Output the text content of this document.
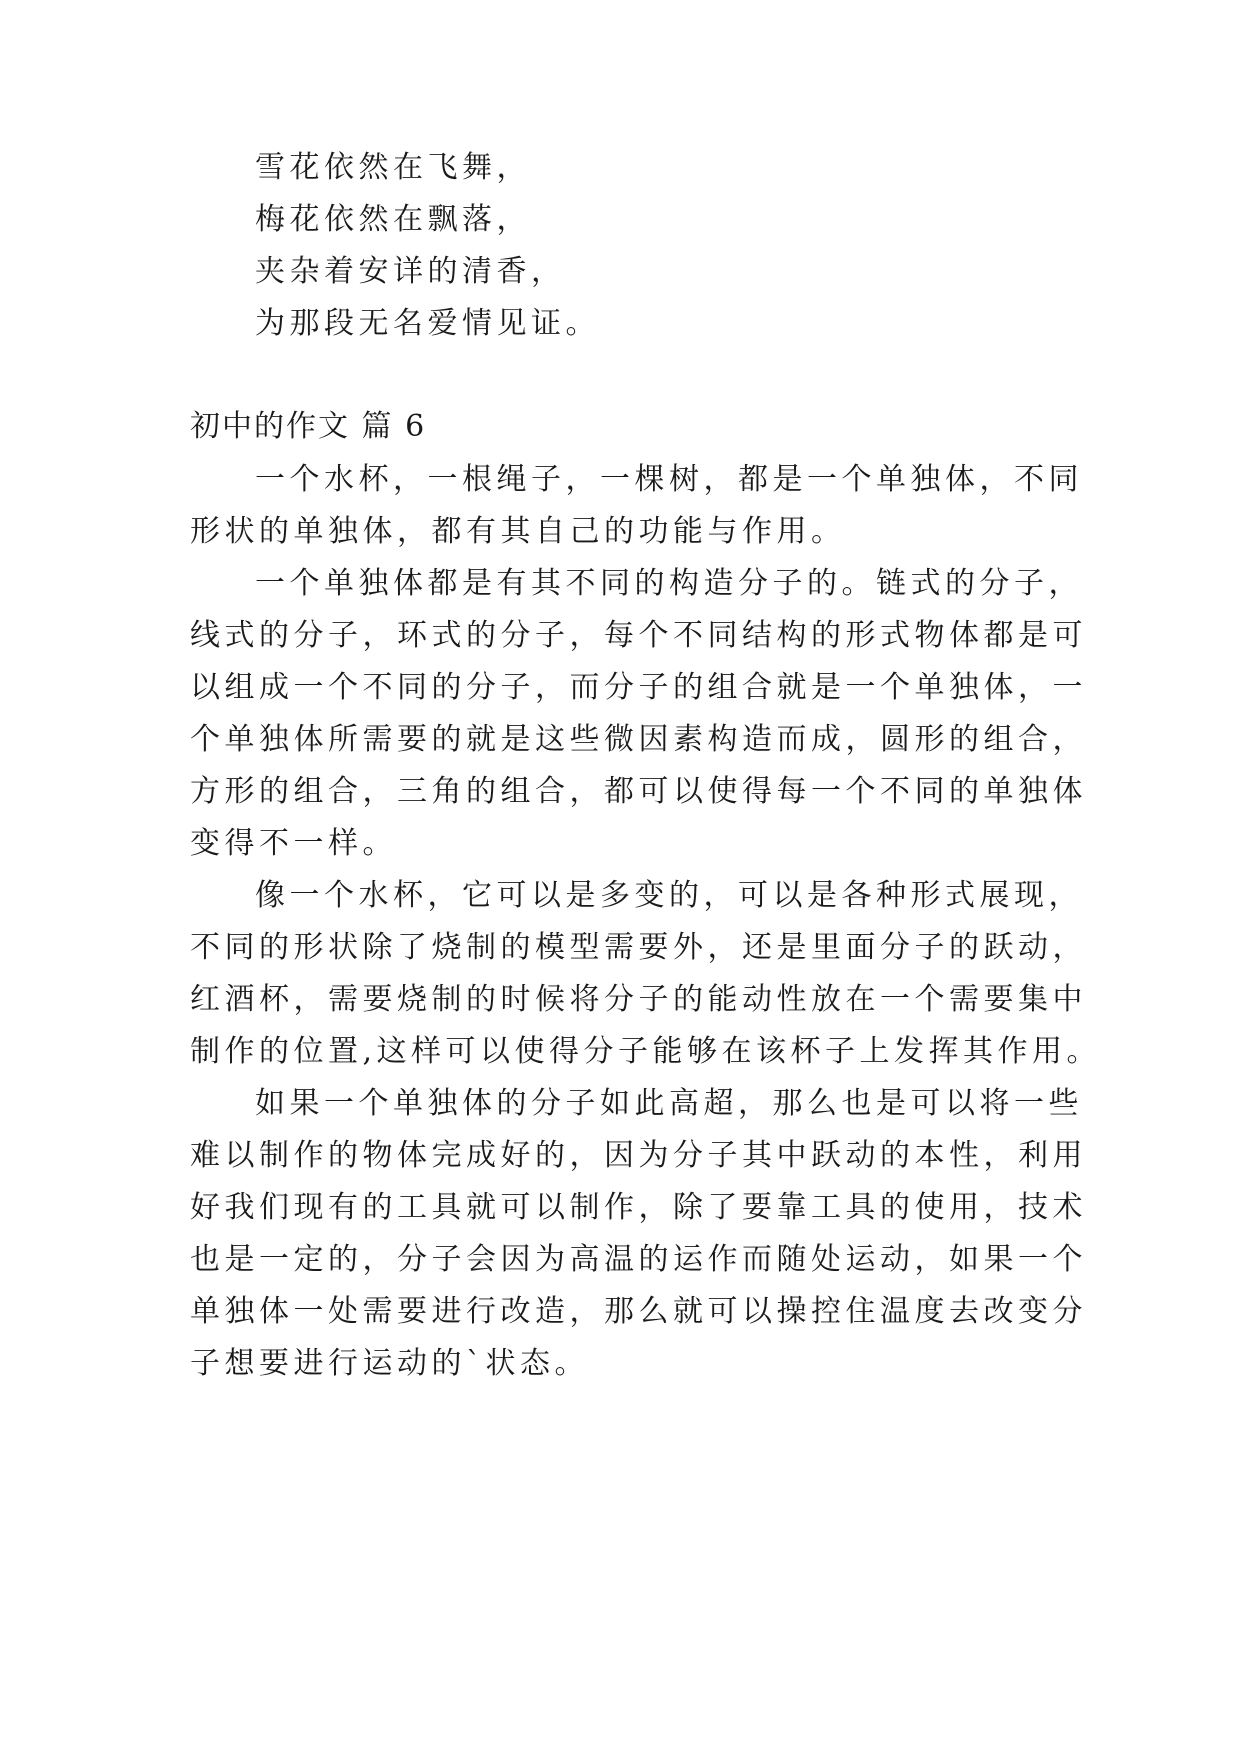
雪花依然在飞舞，
梅花依然在飘落，
夹杂着安详的清香，
为那段无名爱情见证。
初中的作文 篇 6
一个水杯，一根绳子，一棵树，都是一个单独体，不同
形状的单独体，都有其自己的功能与作用。
一个单独体都是有其不同的构造分子的。链式的分子，
线式的分子，环式的分子，每个不同结构的形式物体都是可
以组成一个不同的分子，而分子的组合就是一个单独体，一
个单独体所需要的就是这些微因素构造而成，圆形的组合，
方形的组合，三角的组合，都可以使得每一个不同的单独体
变得不一样。
像一个水杯，它可以是多变的，可以是各种形式展现，
不同的形状除了烧制的模型需要外，还是里面分子的跃动，
红酒杯，需要烧制的时候将分子的能动性放在一个需要集中
制作的位置,这样可以使得分子能够在该杯子上发挥其作用。
如果一个单独体的分子如此高超，那么也是可以将一些
难以制作的物体完成好的，因为分子其中跃动的本性，利用
好我们现有的工具就可以制作，除了要靠工具的使用，技术
也是一定的，分子会因为高温的运作而随处运动，如果一个
单独体一处需要进行改造，那么就可以操控住温度去改变分
子想要进行运动的`状态。
